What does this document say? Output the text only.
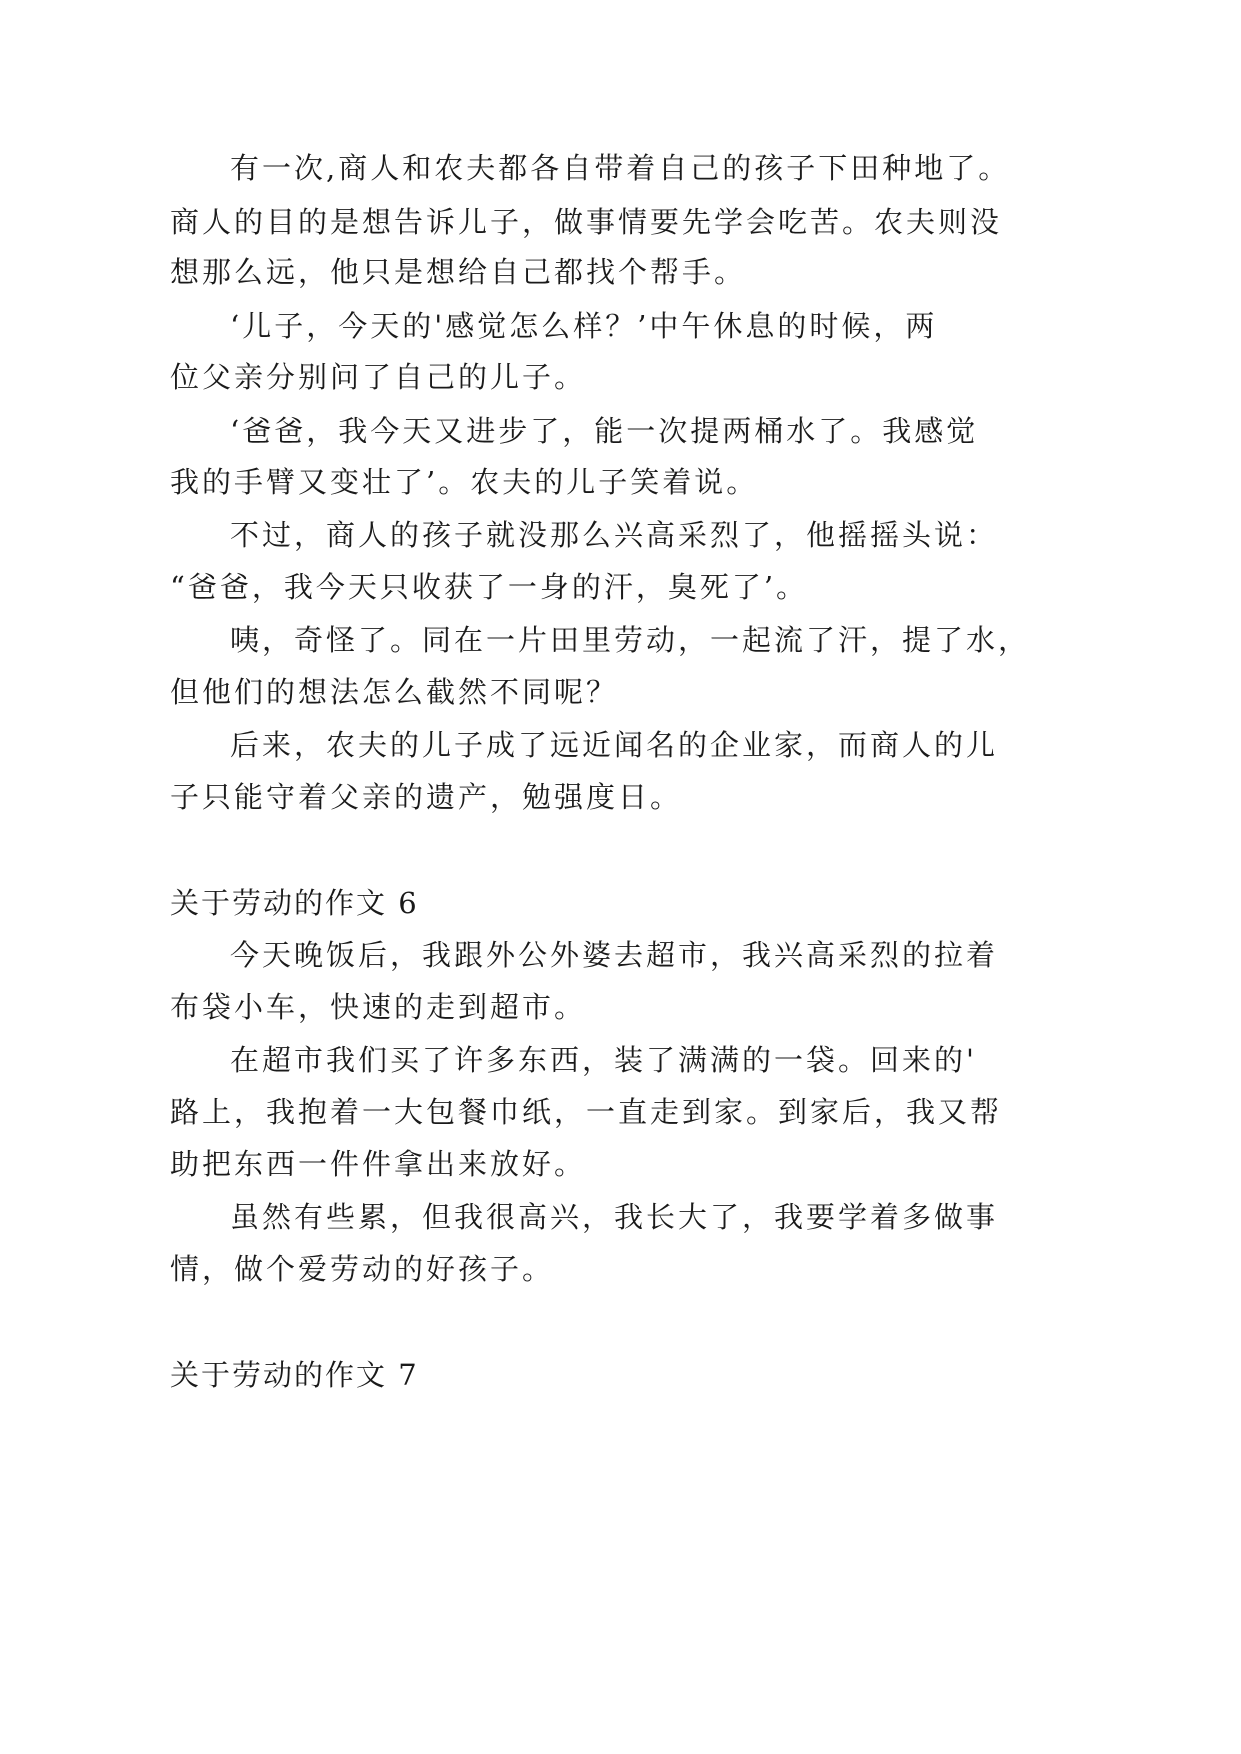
有一次,商人和农夫都各自带着自己的孩子下田种地了。
商人的目的是想告诉儿子，做事情要先学会吃苦。农夫则没
想那么远，他只是想给自己都找个帮手。
‘儿子，今天的'感觉怎么样？’中午休息的时候，两
位父亲分别问了自己的儿子。
‘爸爸，我今天又进步了，能一次提两桶水了。我感觉
我的手臂又变壮了’。农夫的儿子笑着说。
不过，商人的孩子就没那么兴高采烈了，他摇摇头说：
“爸爸，我今天只收获了一身的汗，臭死了’。
咦，奇怪了。同在一片田里劳动，一起流了汗，提了水，
但他们的想法怎么截然不同呢？
后来，农夫的儿子成了远近闻名的企业家，而商人的儿
子只能守着父亲的遗产，勉强度日。
关于劳动的作文 6
今天晚饭后，我跟外公外婆去超市，我兴高采烈的拉着
布袋小车，快速的走到超市。
在超市我们买了许多东西，装了满满的一袋。回来的'
路上，我抱着一大包餐巾纸，一直走到家。到家后，我又帮
助把东西一件件拿出来放好。
虽然有些累，但我很高兴，我长大了，我要学着多做事
情，做个爱劳动的好孩子。
关于劳动的作文 7
